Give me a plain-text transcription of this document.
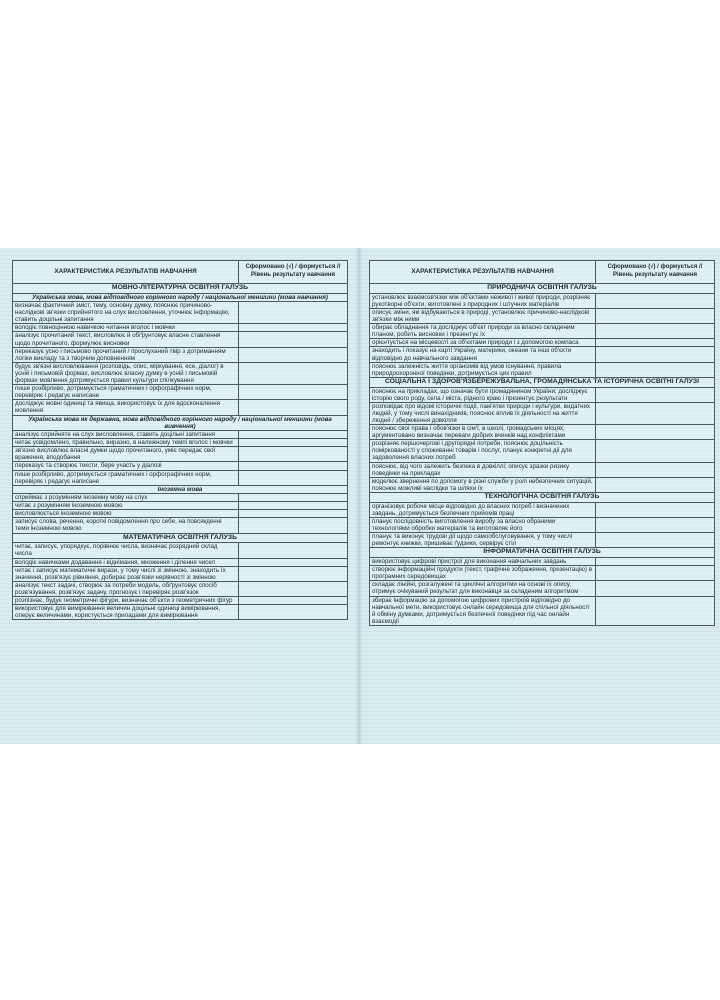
ХАРАКТЕРИСТИКА РЕЗУЛЬТАТІВ НАВЧАННЯ	Сформовано (√) / формується // Рівень результату навчання
МОВНО-ЛІТЕРАТУРНА ОСВІТНЯ ГАЛУЗЬ	
Українська мова, мова відповідного корінного народу / національної меншини (мова навчання)	
визначає фактичний зміст, тему, основну думку, пояснює причиново-наслідкові зв'язки сприйнятого на слух висловлення, уточнює інформацію, ставить доцільні запитання	
володіє повноцінною навичкою читання вголос і мовчки	
аналізує прочитаний текст, висловлює й обґрунтовує власне ставлення щодо прочитаного, формулює висновки	
переказує усно і письмово прочитаний / прослуханий твір з дотриманням логіки викладу та з творчим доповненням	
будує зв'язні висловлювання (розповідь, опис, міркування, есе, діалог) в усній і письмовій формах, висловлює власну думку в усній і письмовій формах мовлення дотримується правил культури спілкування	
пише розбірливо, дотримується граматичних і орфографічних норм, перевіряє і редагує написане	
досліджує мовні одиниці та явища, використовує їх для вдосконалення мовлення	
Українська мова як державна, мова відповідного корінного народу / національної меншини (мова вивчення)	
аналізує сприйняте на слух висловлення, ставить доцільні запитання	
читає усвідомлено, правильно, виразно, в належному темпі вголос і мовчки	
зв'язно висловлює власні думки щодо прочитаного, уміє передає свої враження, вподобання	
переказує та створює тексти, бере участь у діалозі	
пише розбірливо, дотримується граматичних і орфографічних норм, перевіряє і редагує написане	
Іноземна мова	
сприймає з розумінням іноземну мову на слух	
читає з розумінням іноземною мовою	
висловлюється іноземною мовою	
записує слова, речення, короткі повідомлення про себе, на повсякденні теми іноземною мовою	
МАТЕМАТИЧНА ОСВІТНЯ ГАЛУЗЬ	
читає, записує, упорядкує, порівнює числа, визначає розрядний склад числа	
володіє навичками додавання і віднімання, множення і ділення чисел	
читає і записує математичні вирази, у тому числі зі змінною, знаходить їх значення, розв'язує рівняння, добирає розв'язки нерівності зі змінною	
аналізує текст задачі, створює за потреби модель, обґрунтовує спосіб розв'язування, розв'язує задачу, прогнозує і перевіряє розв'язок	
розпізнає, будує геометричні фігури, визначає об'єкти з геометричних фігур	
використовує для вимірювання величин доцільні одиниці вимірювання, оперує величинами, користується приладами для вимірювання	
ХАРАКТЕРИСТИКА РЕЗУЛЬТАТІВ НАВЧАННЯ	Сформовано (√) / формується // Рівень результату навчання
ПРИРОДНИЧА ОСВІТНЯ ГАЛУЗЬ	
установлює взаємозв'язки між об'єктами неживої і живої природи, розрізняє рукотворні об'єкти, виготовлені з природних і штучних матеріалів	
описує зміни, які відбуваються в природі, установлює причиново-наслідкові зв'язки між ними	
обирає обладнання та досліджує об'єкт природи за власно складеним планом, робить висновки і презентує їх	
орієнтується на місцевості за об'єктами природи і з допомогою компаса	
знаходить і показує на карті Україну, материки, океани та інші об'єкти відповідно до навчального завдання	
пояснює залежність життя організмів від умов існування, правила природоохоронної поведінки, дотримується цих правил	
СОЦІАЛЬНА І ЗДОРОВ'ЯЗБЕРЕЖУВАЛЬНА, ГРОМАДЯНСЬКА ТА ІСТОРИЧНА ОСВІТНІ ГАЛУЗІ	
пояснює на прикладах, що означає бути громадянином України; досліджує історію свого роду, села / міста, рідного краю і презентує результати	
розповідає про відомі історичні події, пам'ятки природи і культури, видатних людей, у тому числі винахідників, пояснює вплив їх діяльності на життя людей / збереження довкілля	
пояснює свої права і обов'язки в сім'ї, в школі, громадських місцях; аргументовано визначає переваги добрих вчинків над конфліктами	
розрізняє першочергові і другорядні потреби, пояснює доцільність поміркованості у споживанні товарів і послуг, планує конкретні дії для задоволення власних потреб	
пояснює, від чого залежить безпека в довкіллі; описує зразки ризику поведінки на прикладах	
моделює звернення по допомогу в різні служби у ролі небезпечних ситуацій, пояснює можливі наслідки та шляхи їх	
ТЕХНОЛОГІЧНА ОСВІТНЯ ГАЛУЗЬ	
організовує робоче місце відповідно до власних потреб і визначених завдань, дотримується безпечних прийомів праці	
планує послідовність виготовлення виробу за власно обраними технологіями обробки матеріалів та виготовляє його	
планує та виконує трудові дії щодо самообслуговування, у тому числі ремонтує книжки, пришиває ґудзики, сервірує стіл	
ІНФОРМАТИЧНА ОСВІТНЯ ГАЛУЗЬ	
використовує цифрові пристрої для виконання навчальних завдань	
створює інформаційні продукти (текст, графічне зображення, презентацію) в програмних середовищах	
складає лінійні, розгалужені та циклічні алгоритми на основі їх опису, отримує очікуваний результат для виконавця за складеним алгоритмом	
збирає інформацію за допомогою цифрових пристроїв відповідно до навчальної мети, використовує онлайн середовища для спільної діяльності й обміну думками, дотримується безпечної поведінки під час онлайн взаємодії	
